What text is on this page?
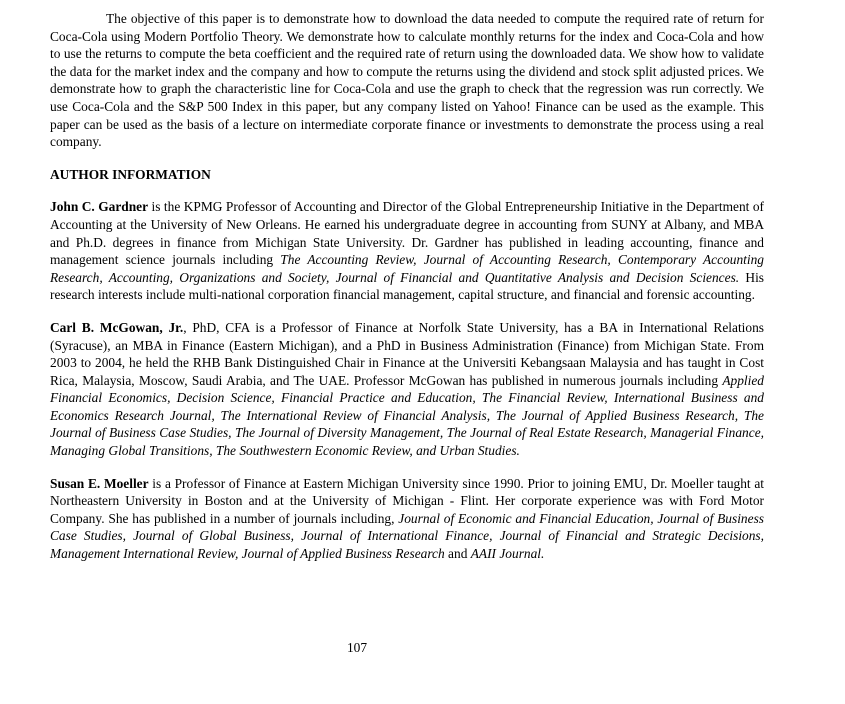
The objective of this paper is to demonstrate how to download the data needed to compute the required rate of return for Coca-Cola using Modern Portfolio Theory. We demonstrate how to calculate monthly returns for the index and Coca-Cola and how to use the returns to compute the beta coefficient and the required rate of return using the downloaded data. We show how to validate the data for the market index and the company and how to compute the returns using the dividend and stock split adjusted prices. We demonstrate how to graph the characteristic line for Coca-Cola and use the graph to check that the regression was run correctly. We use Coca-Cola and the S&P 500 Index in this paper, but any company listed on Yahoo! Finance can be used as the example. This paper can be used as the basis of a lecture on intermediate corporate finance or investments to demonstrate the process using a real company.

AUTHOR INFORMATION

John C. Gardner is the KPMG Professor of Accounting and Director of the Global Entrepreneurship Initiative in the Department of Accounting at the University of New Orleans. He earned his undergraduate degree in accounting from SUNY at Albany, and MBA and Ph.D. degrees in finance from Michigan State University. Dr. Gardner has published in leading accounting, finance and management science journals including The Accounting Review, Journal of Accounting Research, Contemporary Accounting Research, Accounting, Organizations and Society, Journal of Financial and Quantitative Analysis and Decision Sciences. His research interests include multi-national corporation financial management, capital structure, and financial and forensic accounting.

Carl B. McGowan, Jr., PhD, CFA is a Professor of Finance at Norfolk State University, has a BA in International Relations (Syracuse), an MBA in Finance (Eastern Michigan), and a PhD in Business Administration (Finance) from Michigan State. From 2003 to 2004, he held the RHB Bank Distinguished Chair in Finance at the Universiti Kebangsaan Malaysia and has taught in Cost Rica, Malaysia, Moscow, Saudi Arabia, and The UAE. Professor McGowan has published in numerous journals including Applied Financial Economics, Decision Science, Financial Practice and Education, The Financial Review, International Business and Economics Research Journal, The International Review of Financial Analysis, The Journal of Applied Business Research, The Journal of Business Case Studies, The Journal of Diversity Management, The Journal of Real Estate Research, Managerial Finance, Managing Global Transitions, The Southwestern Economic Review, and Urban Studies.

Susan E. Moeller is a Professor of Finance at Eastern Michigan University since 1990. Prior to joining EMU, Dr. Moeller taught at Northeastern University in Boston and at the University of Michigan - Flint. Her corporate experience was with Ford Motor Company. She has published in a number of journals including, Journal of Economic and Financial Education, Journal of Business Case Studies, Journal of Global Business, Journal of International Finance, Journal of Financial and Strategic Decisions, Management International Review, Journal of Applied Business Research and AAII Journal.

107
